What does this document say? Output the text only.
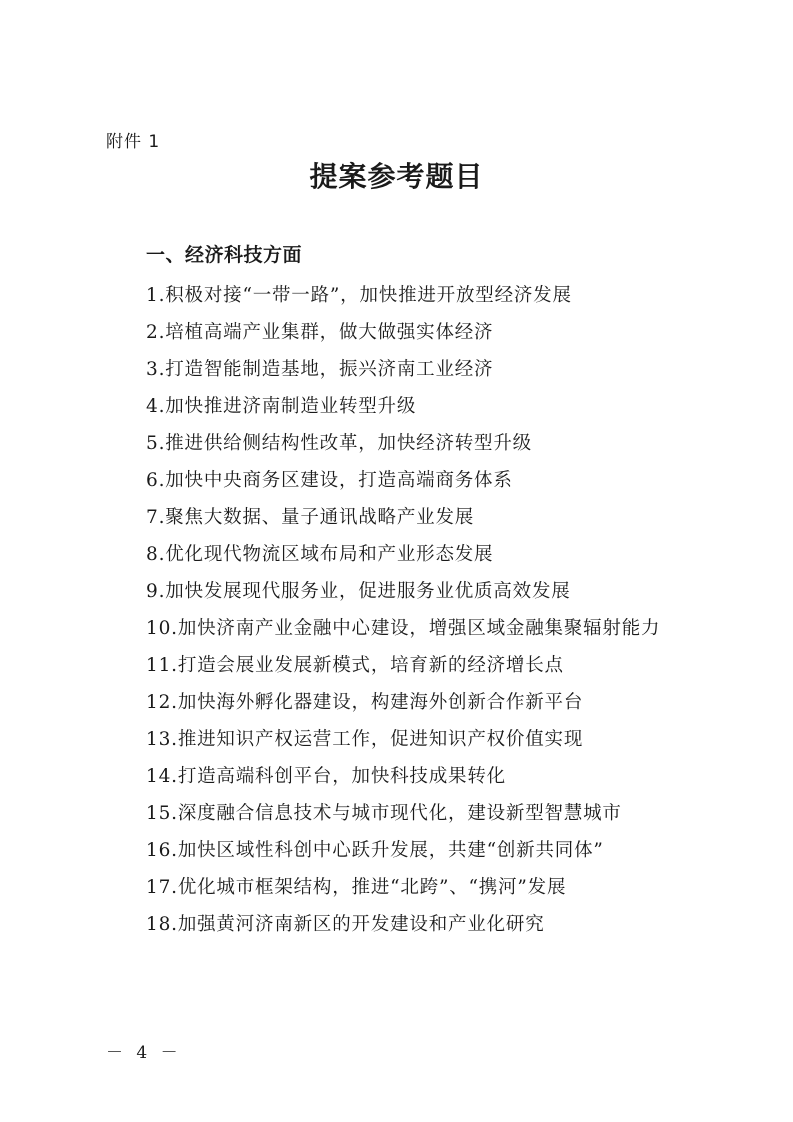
附件 1
提案参考题目
一、经济科技方面
1.积极对接“一带一路”，加快推进开放型经济发展
2.培植高端产业集群，做大做强实体经济
3.打造智能制造基地，振兴济南工业经济
4.加快推进济南制造业转型升级
5.推进供给侧结构性改革，加快经济转型升级
6.加快中央商务区建设，打造高端商务体系
7.聚焦大数据、量子通讯战略产业发展
8.优化现代物流区域布局和产业形态发展
9.加快发展现代服务业，促进服务业优质高效发展
10.加快济南产业金融中心建设，增强区域金融集聚辐射能力
11.打造会展业发展新模式，培育新的经济增长点
12.加快海外孵化器建设，构建海外创新合作新平台
13.推进知识产权运营工作，促进知识产权价值实现
14.打造高端科创平台，加快科技成果转化
15.深度融合信息技术与城市现代化，建设新型智慧城市
16.加快区域性科创中心跃升发展，共建“创新共同体”
17.优化城市框架结构，推进“北跨”、“携河”发展
18.加强黄河济南新区的开发建设和产业化研究
－ 4 －
